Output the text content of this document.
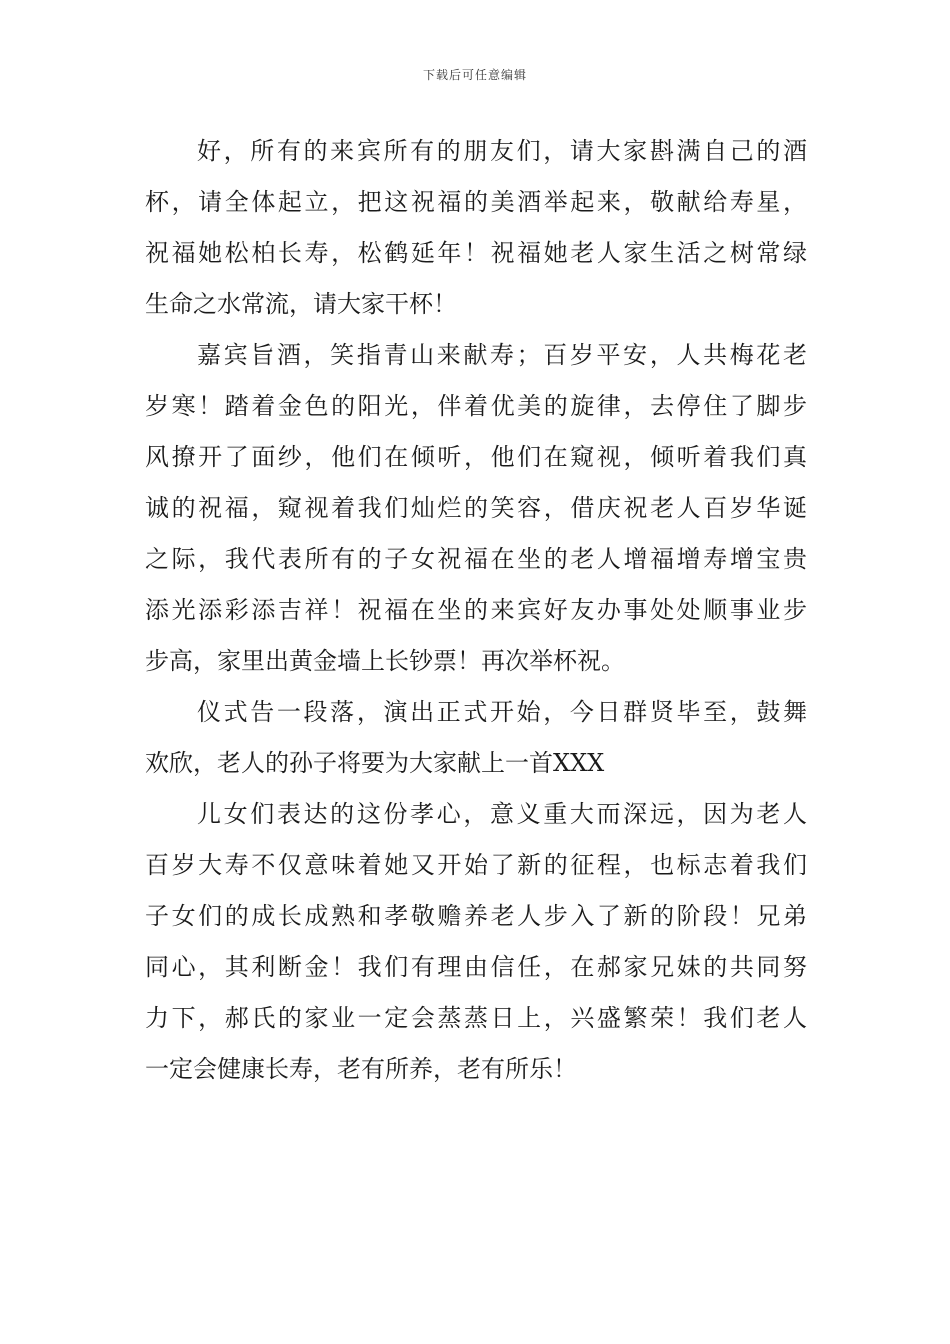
下载后可任意编辑
好，所有的来宾所有的朋友们，请大家斟满自己的酒
杯，请全体起立，把这祝福的美酒举起来，敬献给寿星，
祝福她松柏长寿，松鹤延年！祝福她老人家生活之树常绿
生命之水常流，请大家干杯！
嘉宾旨酒，笑指青山来献寿；百岁平安，人共梅花老
岁寒！踏着金色的阳光，伴着优美的旋律，去停住了脚步
风撩开了面纱，他们在倾听，他们在窥视，倾听着我们真
诚的祝福，窥视着我们灿烂的笑容，借庆祝老人百岁华诞
之际，我代表所有的子女祝福在坐的老人增福增寿增宝贵
添光添彩添吉祥！祝福在坐的来宾好友办事处处顺事业步
步高，家里出黄金墙上长钞票！再次举杯祝。
仪式告一段落，演出正式开始，今日群贤毕至，鼓舞
欢欣，老人的孙子将要为大家献上一首XXX
儿女们表达的这份孝心，意义重大而深远，因为老人
百岁大寿不仅意味着她又开始了新的征程，也标志着我们
子女们的成长成熟和孝敬赡养老人步入了新的阶段！兄弟
同心，其利断金！我们有理由信任，在郝家兄妹的共同努
力下，郝氏的家业一定会蒸蒸日上，兴盛繁荣！我们老人
一定会健康长寿，老有所养，老有所乐！
